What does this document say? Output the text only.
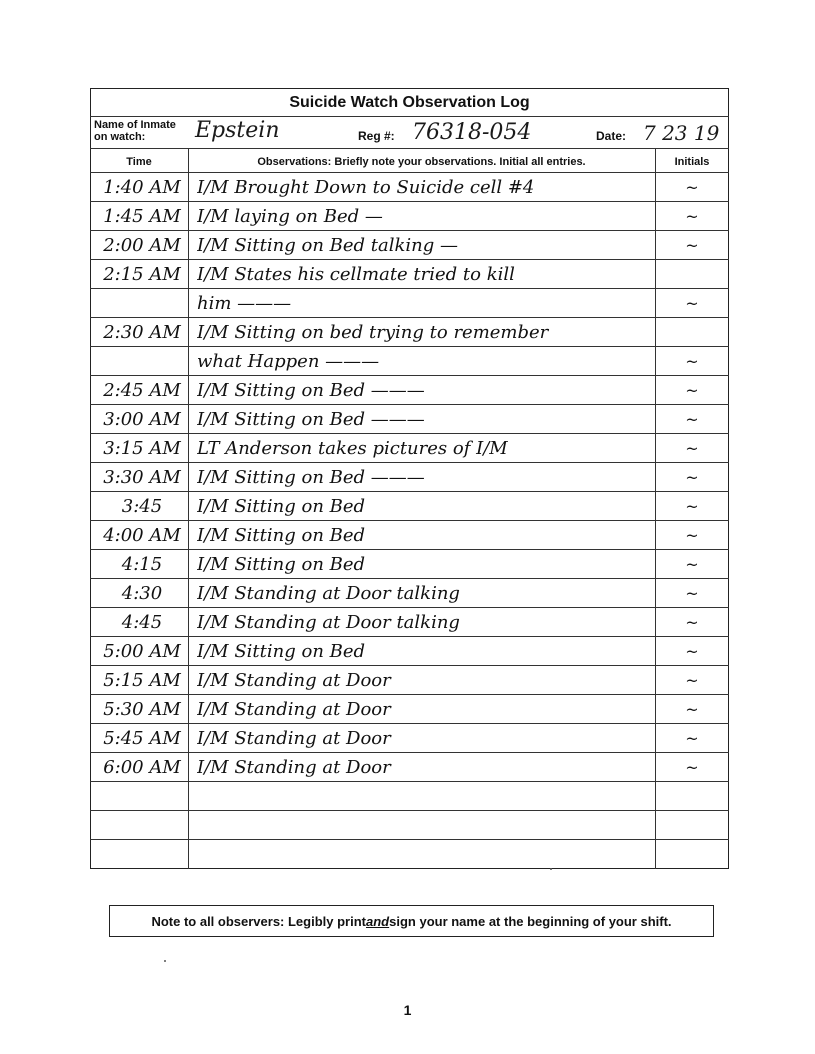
Suicide Watch Observation Log
Name of Inmate on watch:	Epstein	Reg #: 76318-054	Date: 7 23 19
Time	Observations: Briefly note your observations. Initial all entries.	Initials
1:40 AM I/M Brought Down to Suicide cell #4	~
1:45 AM I/M laying on Bed —	~
2:00 AM I/M Sitting on Bed talking —	~
2:15 AM I/M States his cellmate tried to kill
him ———	~
2:30 AM I/M Sitting on bed trying to remember
what Happen ———	~
2:45 AM I/M Sitting on Bed ———	~
3:00 AM I/M Sitting on Bed ———	~
3:15 AM LT Anderson takes pictures of I/M	~
3:30 AM I/M Sitting on Bed ———	~
3:45	I/M Sitting on Bed	~
4:00 AM I/M Sitting on Bed	~
4:15	I/M Sitting on Bed	~
4:30	I/M Standing at Door talking	~
4:45	I/M Standing at Door talking	~
5:00 AM I/M Sitting on Bed	~
5:15 AM I/M Standing at Door	~
5:30 AM I/M Standing at Door	~
5:45 AM I/M Standing at Door	~
6:00 AM I/M Standing at Door	~
Note to all observers: Legibly print and sign your name at the beginning of your shift.
1
